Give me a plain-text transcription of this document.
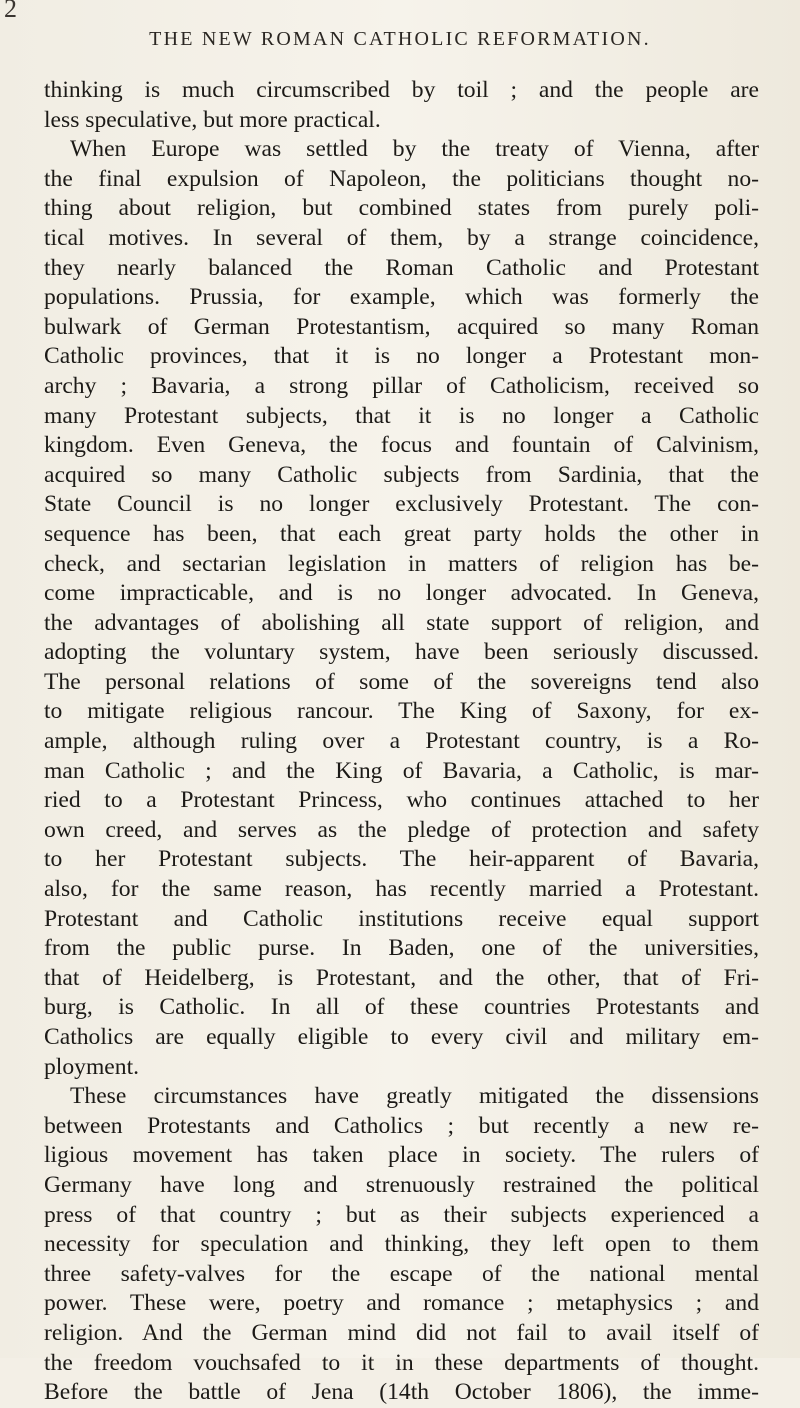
2
THE NEW ROMAN CATHOLIC REFORMATION.
thinking is much circumscribed by toil ; and the people are
less speculative, but more practical.
When Europe was settled by the treaty of Vienna, after
the final expulsion of Napoleon, the politicians thought no-
thing about religion, but combined states from purely poli-
tical motives. In several of them, by a strange coincidence,
they nearly balanced the Roman Catholic and Protestant
populations. Prussia, for example, which was formerly the
bulwark of German Protestantism, acquired so many Roman
Catholic provinces, that it is no longer a Protestant mon-
archy ; Bavaria, a strong pillar of Catholicism, received so
many Protestant subjects, that it is no longer a Catholic
kingdom. Even Geneva, the focus and fountain of Calvinism,
acquired so many Catholic subjects from Sardinia, that the
State Council is no longer exclusively Protestant. The con-
sequence has been, that each great party holds the other in
check, and sectarian legislation in matters of religion has be-
come impracticable, and is no longer advocated. In Geneva,
the advantages of abolishing all state support of religion, and
adopting the voluntary system, have been seriously discussed.
The personal relations of some of the sovereigns tend also
to mitigate religious rancour. The King of Saxony, for ex-
ample, although ruling over a Protestant country, is a Ro-
man Catholic ; and the King of Bavaria, a Catholic, is mar-
ried to a Protestant Princess, who continues attached to her
own creed, and serves as the pledge of protection and safety
to her Protestant subjects. The heir-apparent of Bavaria,
also, for the same reason, has recently married a Protestant.
Protestant and Catholic institutions receive equal support
from the public purse. In Baden, one of the universities,
that of Heidelberg, is Protestant, and the other, that of Fri-
burg, is Catholic. In all of these countries Protestants and
Catholics are equally eligible to every civil and military em-
ployment.
These circumstances have greatly mitigated the dissensions
between Protestants and Catholics ; but recently a new re-
ligious movement has taken place in society. The rulers of
Germany have long and strenuously restrained the political
press of that country ; but as their subjects experienced a
necessity for speculation and thinking, they left open to them
three safety-valves for the escape of the national mental
power. These were, poetry and romance ; metaphysics ; and
religion. And the German mind did not fail to avail itself of
the freedom vouchsafed to it in these departments of thought.
Before the battle of Jena (14th October 1806), the imme-
